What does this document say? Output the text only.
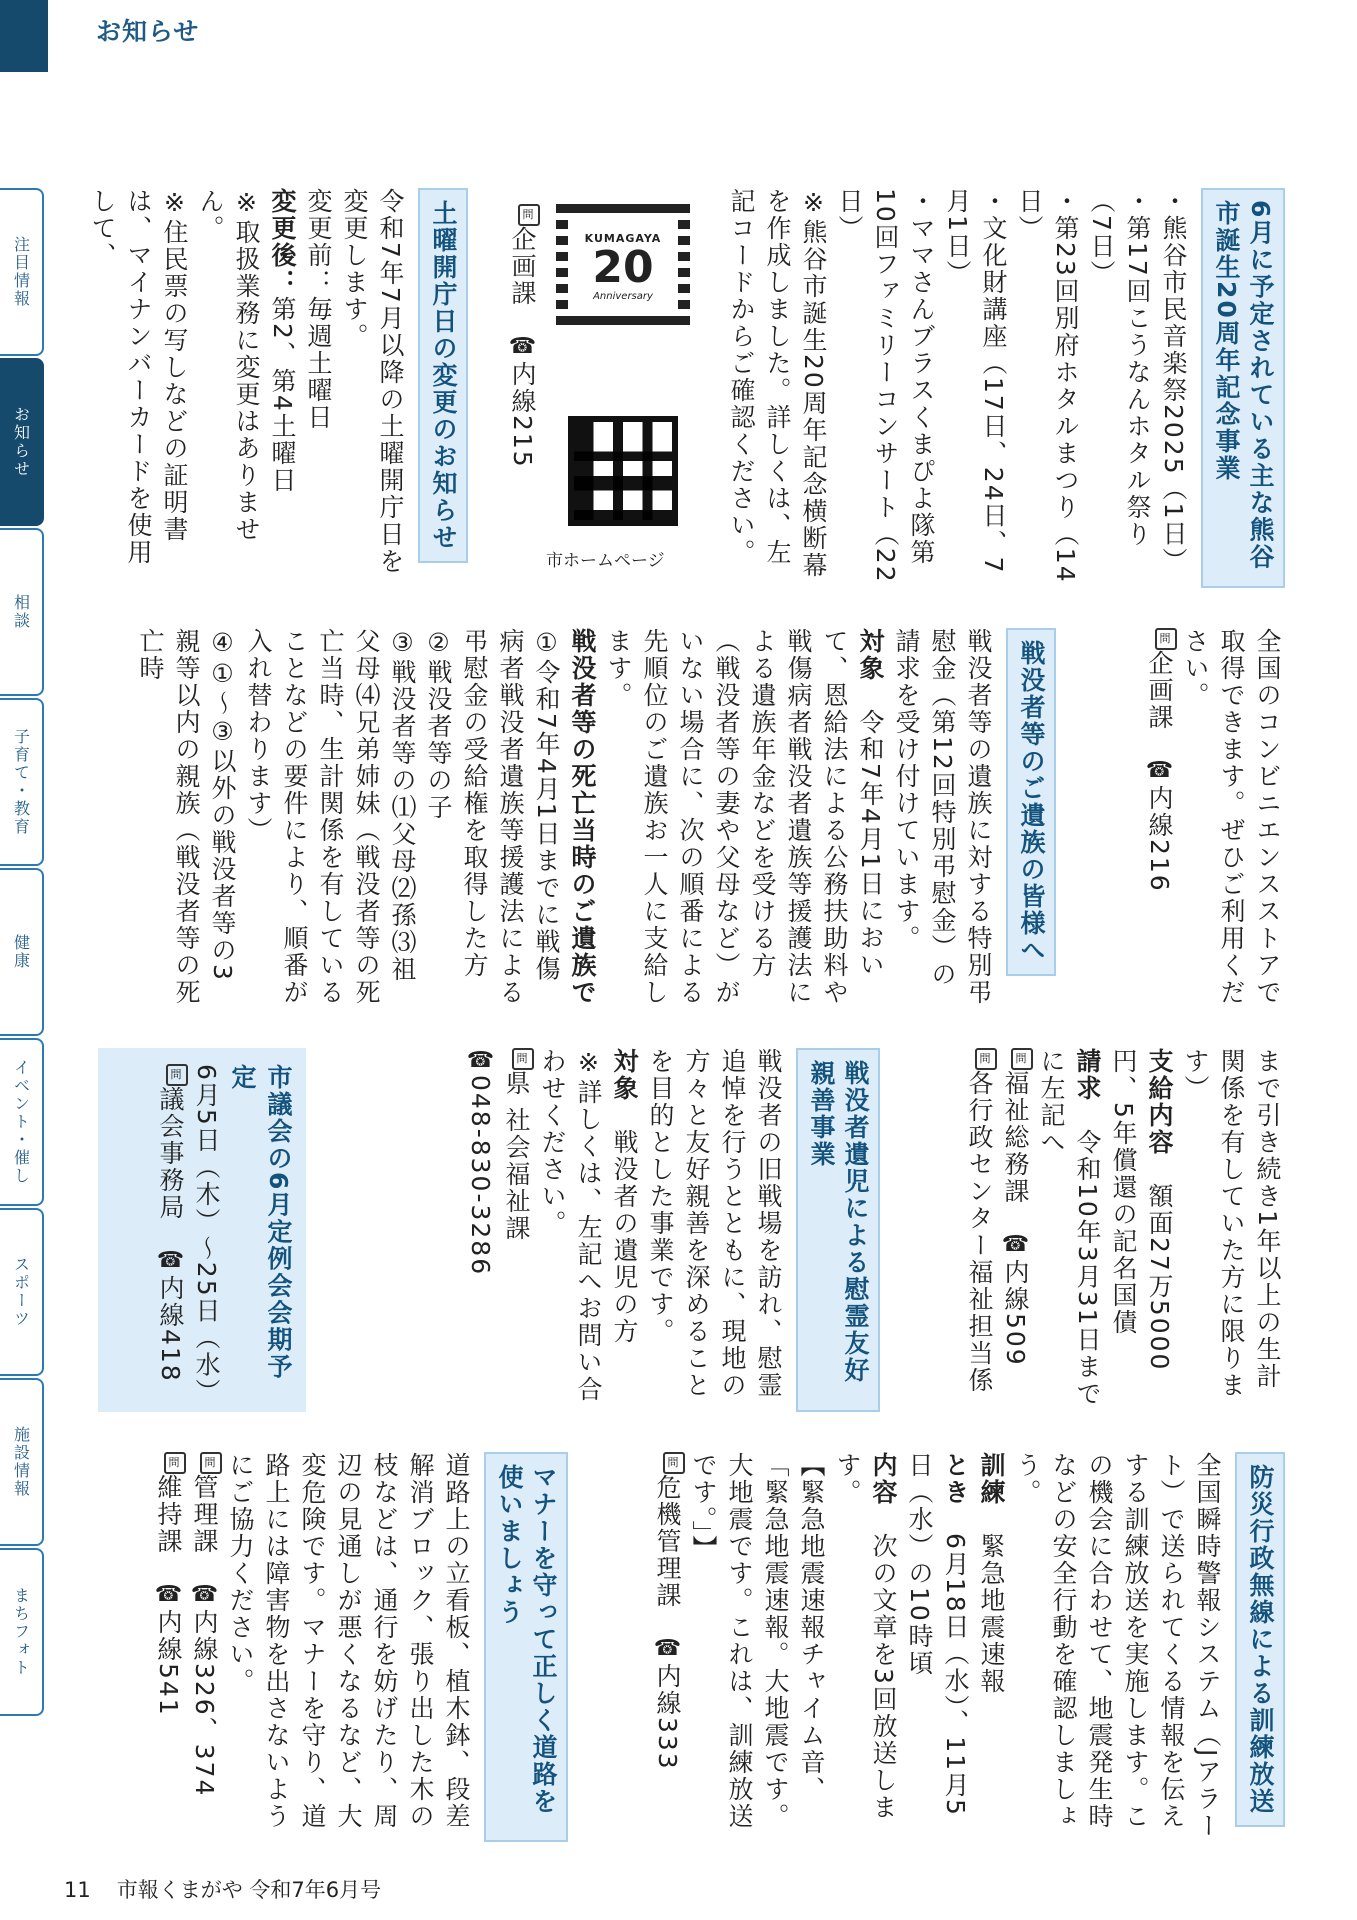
お知らせ
注目情報
お知らせ
相談
子育て・教育
健康
イベント・催し
スポーツ
施設情報
まちフォト
6月に予定されている主な熊谷市誕生20周年記念事業

・熊谷市民音楽祭2025（1日）

・第17回こうなんホタル祭り（7日）

・第23回別府ホタルまつり（14日）

・文化財講座（17日、24日、7月1日）

・ママさんブラスくまぴよ隊第10回ファミリーコンサート（22日）

※熊谷市誕生20周年記念横断幕を作成しました。詳しくは、左記コードからご確認ください。

KUMAGAYA
20
Anniversary
市ホームページ

問企画課　☎内線215

土曜開庁日の変更のお知らせ

令和7年7月以降の土曜開庁日を変更します。

変更前：毎週土曜日

変更後：第2、第4土曜日

※取扱業務に変更はありません。

※住民票の写しなどの証明書は、マイナンバーカードを使用して、

全国のコンビニエンスストアで取得できます。ぜひご利用ください。

問企画課　☎内線216

戦没者等のご遺族の皆様へ

戦没者等の遺族に対する特別弔慰金（第12回特別弔慰金）の請求を受け付けています。

対象　令和7年4月1日において、恩給法による公務扶助料や戦傷病者戦没者遺族等援護法による遺族年金などを受ける方（戦没者等の妻や父母など）がいない場合に、次の順番による先順位のご遺族お一人に支給します。

戦没者等の死亡当時のご遺族で

①令和7年4月1日までに戦傷病者戦没者遺族等援護法による弔慰金の受給権を取得した方

②戦没者等の子

③戦没者等の⑴父母⑵孫⑶祖父母⑷兄弟姉妹（戦没者等の死亡当時、生計関係を有していることなどの要件により、順番が入れ替わります）

④①～③以外の戦没者等の3親等以内の親族（戦没者等の死亡時

まで引き続き1年以上の生計関係を有していた方に限ります）

支給内容　額面27万5000円、5年償還の記名国債

請求　令和10年3月31日までに左記へ

問福祉総務課　☎内線509

問各行政センター福祉担当係

戦没者遺児による慰霊友好親善事業

戦没者の旧戦場を訪れ、慰霊追悼を行うとともに、現地の方々と友好親善を深めることを目的とした事業です。

対象　戦没者の遺児の方

※詳しくは、左記へお問い合わせください。

問県 社会福祉課

☎048-830-3286

市議会の6月定例会会期予定

6月5日（木）～25日（水）

問議会事務局　☎内線418

防災行政無線による訓練放送

全国瞬時警報システム（Jアラート）で送られてくる情報を伝えする訓練放送を実施します。この機会に合わせて、地震発生時などの安全行動を確認しましょう。

訓練　緊急地震速報

とき　6月18日（水）、11月5日（水）の10時頃

内容　次の文章を3回放送します。

【緊急地震速報チャイム音、「緊急地震速報。大地震です。大地震です。これは、訓練放送です。」】

問危機管理課　☎内線333

マナーを守って正しく道路を使いましょう

道路上の立看板、植木鉢、段差解消ブロック、張り出した木の枝などは、通行を妨げたり、周辺の見通しが悪くなるなど、大変危険です。マナーを守り、道路上には障害物を出さないようにご協力ください。

問管理課　☎内線326、374

問維持課　☎内線541

11 市報くまがや 令和7年6月号
